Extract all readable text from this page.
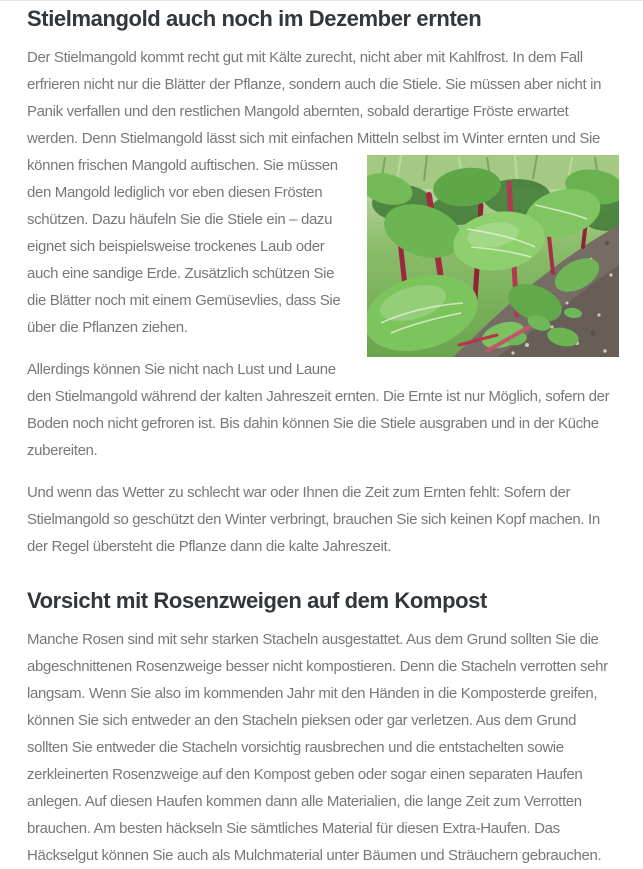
Stielmangold auch noch im Dezember ernten

Der Stielmangold kommt recht gut mit Kälte zurecht, nicht aber mit Kahlfrost. In dem Fall erfrieren nicht nur die Blätter der Pflanze, sondern auch die Stiele. Sie müssen aber nicht in Panik verfallen und den restlichen Mangold abernten, sobald derartige Fröste erwartet werden. Denn Stielmangold lässt sich mit einfachen Mitteln selbst im Winter ernten und Sie
können frischen Mangold auftischen. Sie müssen den Mangold lediglich vor eben diesen Frösten schützen. Dazu häufeln Sie die Stiele ein – dazu eignet sich beispielsweise trockenes Laub oder auch eine sandige Erde. Zusätzlich schützen Sie die Blätter noch mit einem Gemüsevlies, dass Sie über die Pflanzen ziehen.

Allerdings können Sie nicht nach Lust und Laune den Stielmangold während der kalten Jahreszeit ernten. Die Ernte ist nur Möglich, sofern der Boden noch nicht gefroren ist. Bis dahin können Sie die Stiele ausgraben und in der Küche zubereiten.

Und wenn das Wetter zu schlecht war oder Ihnen die Zeit zum Ernten fehlt: Sofern der Stielmangold so geschützt den Winter verbringt, brauchen Sie sich keinen Kopf machen. In der Regel übersteht die Pflanze dann die kalte Jahreszeit.

Vorsicht mit Rosenzweigen auf dem Kompost

Manche Rosen sind mit sehr starken Stacheln ausgestattet. Aus dem Grund sollten Sie die abgeschnittenen Rosenzweige besser nicht kompostieren. Denn die Stacheln verrotten sehr langsam. Wenn Sie also im kommenden Jahr mit den Händen in die Komposterde greifen, können Sie sich entweder an den Stacheln pieksen oder gar verletzen. Aus dem Grund sollten Sie entweder die Stacheln vorsichtig rausbrechen und die entstachelten sowie zerkleinerten Rosenzweige auf den Kompost geben oder sogar einen separaten Haufen anlegen. Auf diesen Haufen kommen dann alle Materialien, die lange Zeit zum Verrotten brauchen. Am besten häckseln Sie sämtliches Material für diesen Extra-Haufen. Das Häckselgut können Sie auch als Mulchmaterial unter Bäumen und Sträuchern gebrauchen.
